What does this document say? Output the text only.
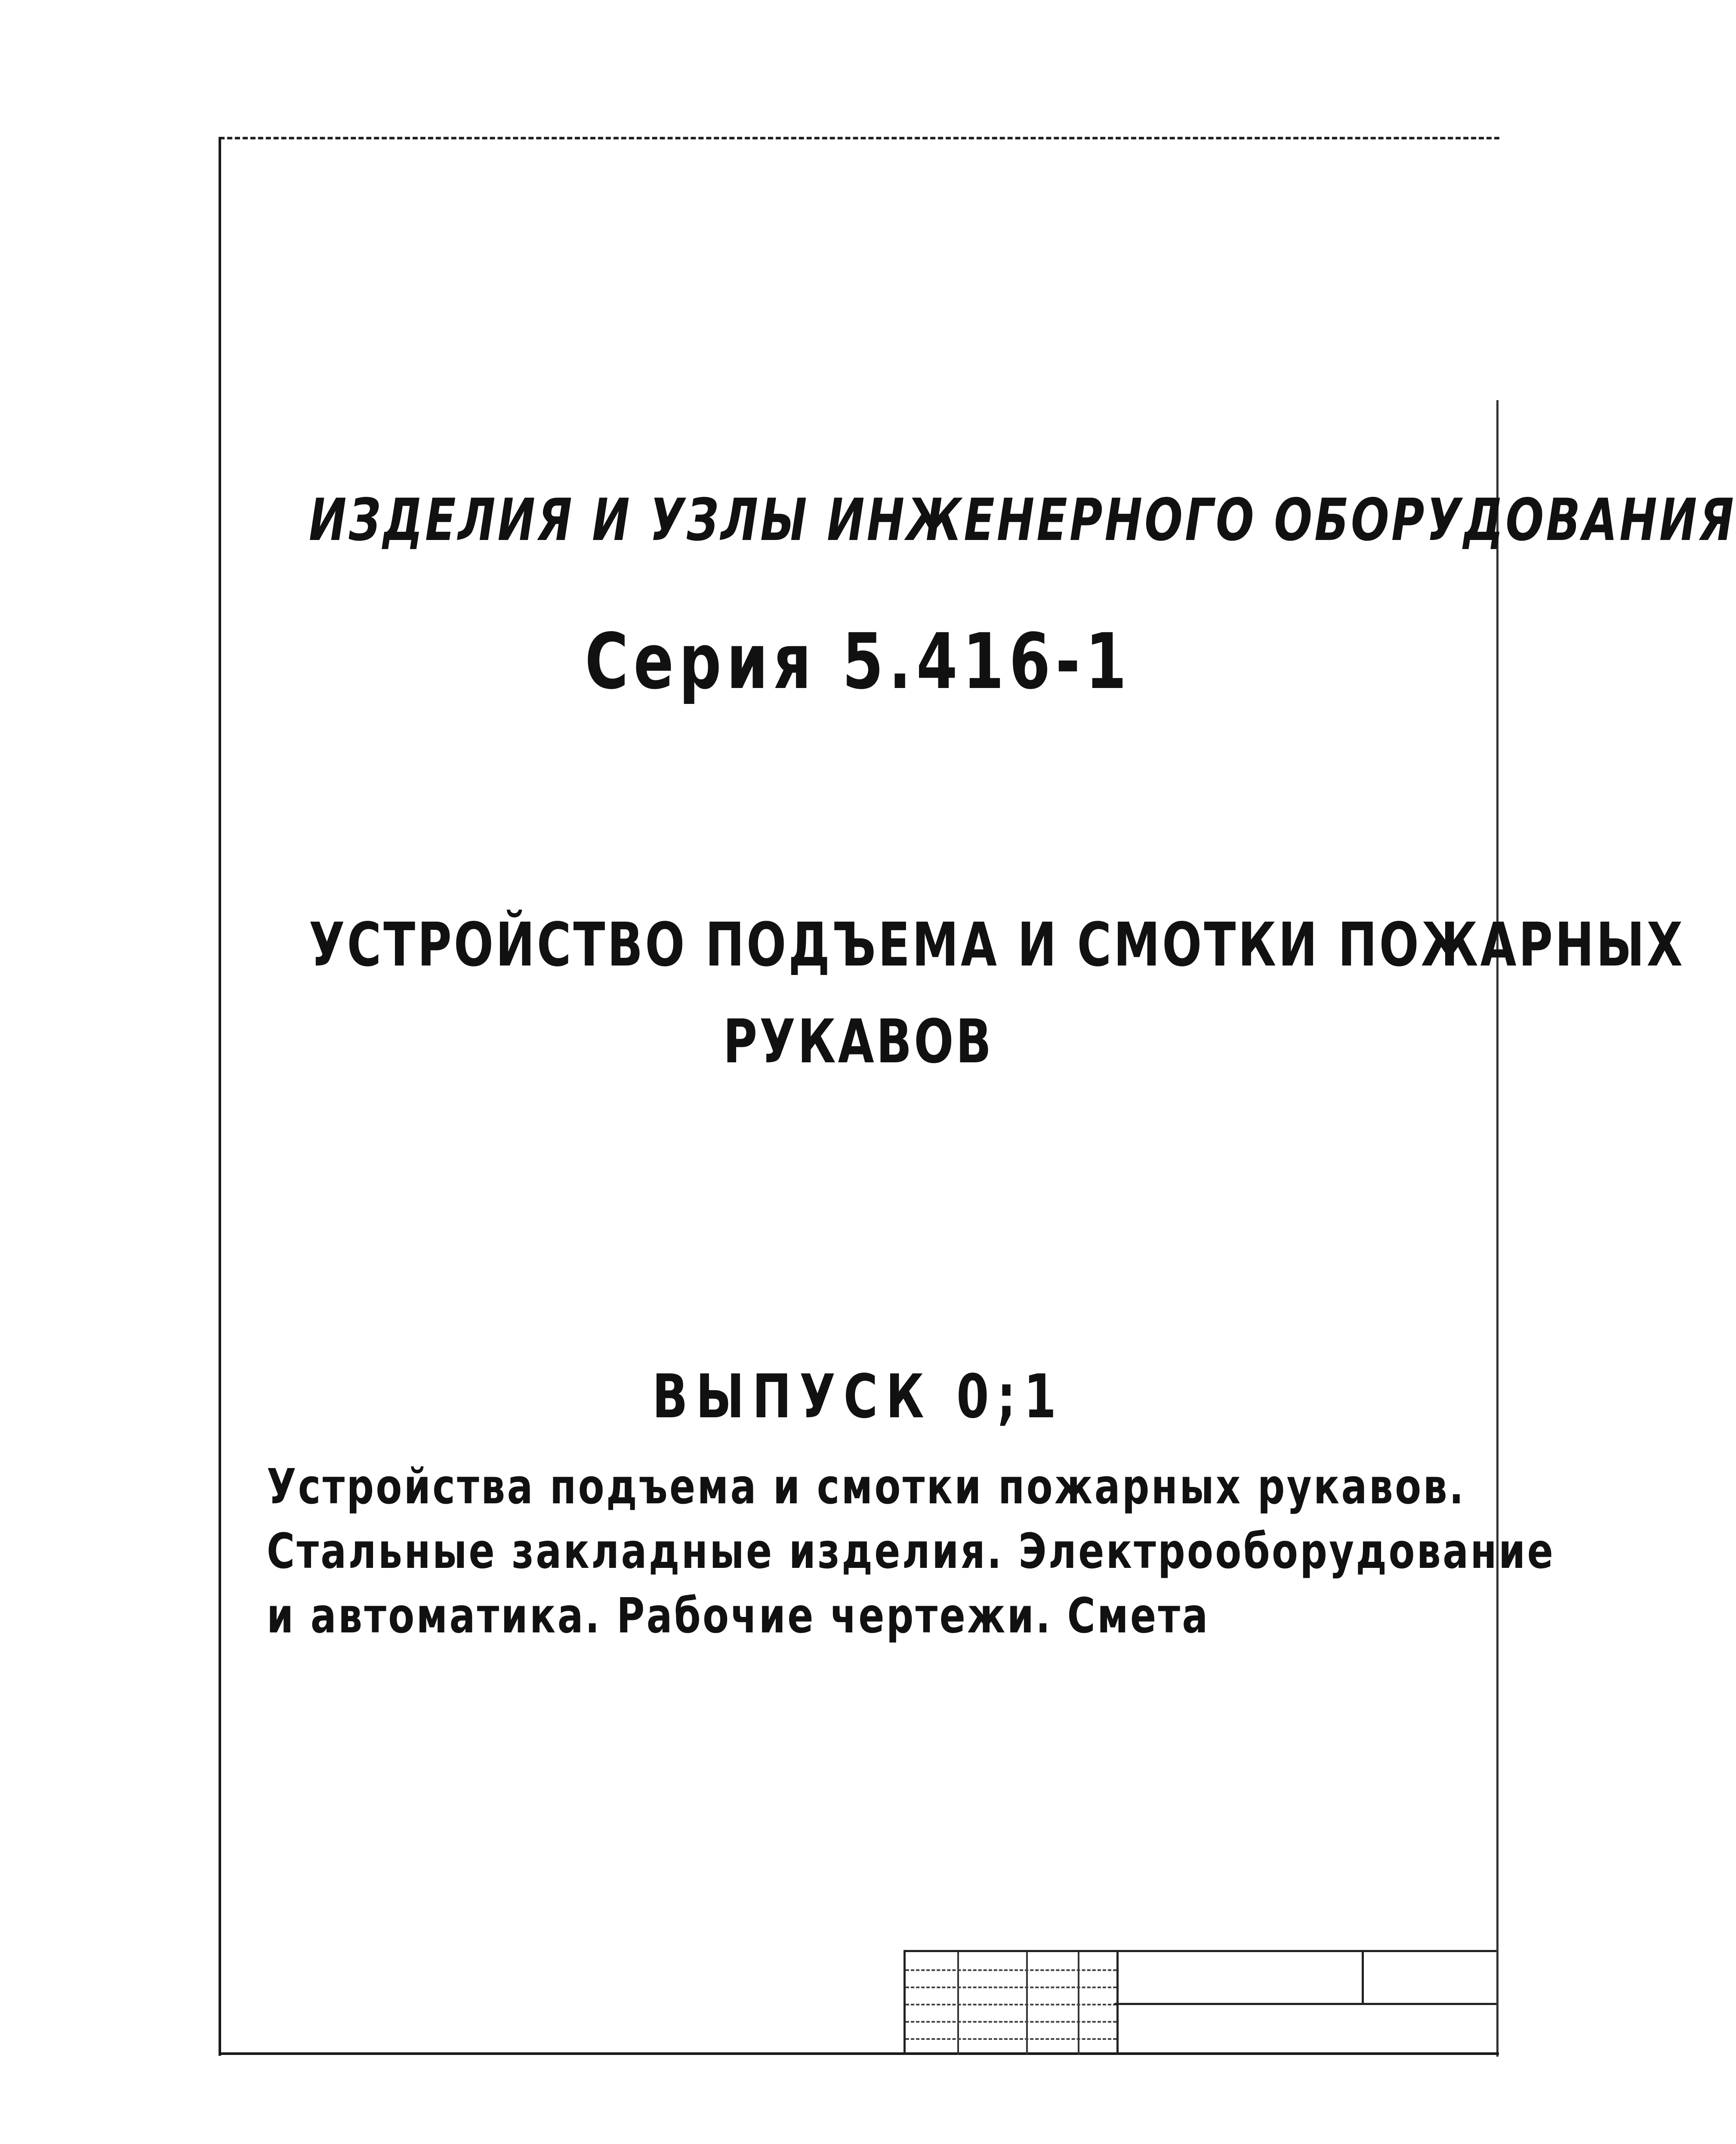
ИЗДЕЛИЯ И УЗЛЫ ИНЖЕНЕРНОГО ОБОРУДОВАНИЯ
Серия 5.416-1
УСТРОЙСТВО ПОДЪЕМА И СМОТКИ ПОЖАРНЫХ
РУКАВОВ
ВЫПУСК 0;1
Устройства подъема и смотки пожарных рукавов.
Стальные закладные изделия. Электрооборудование
и автоматика. Рабочие чертежи. Смета
